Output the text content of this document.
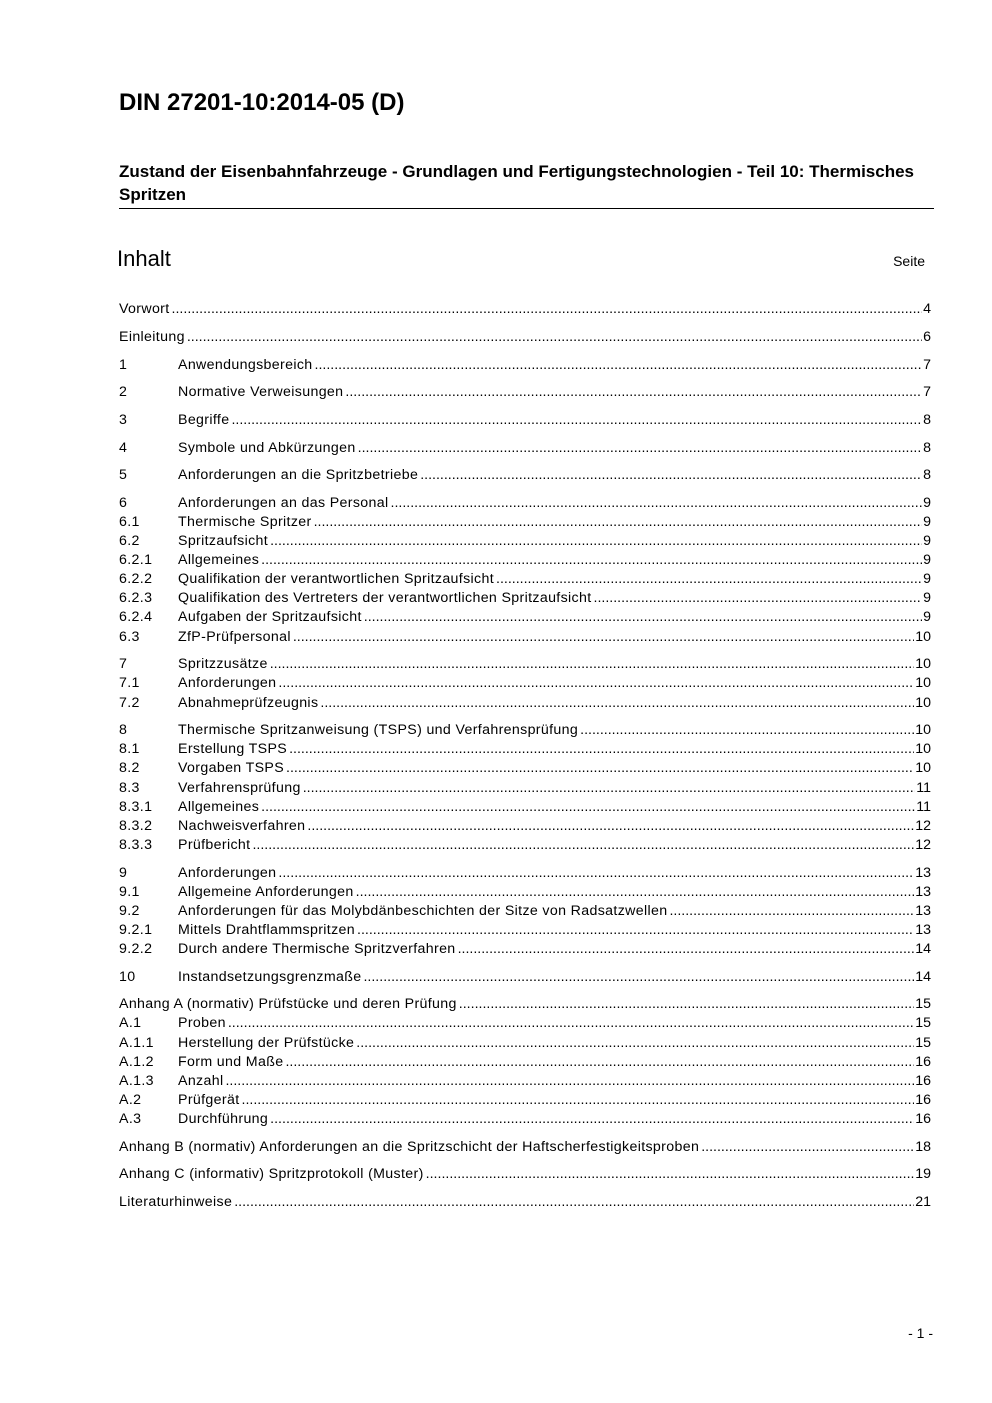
DIN 27201-10:2014-05 (D)
Zustand der Eisenbahnfahrzeuge - Grundlagen und Fertigungstechnologien - Teil 10: Thermisches Spritzen
Inhalt	Seite
Vorwort .....	4
Einleitung .....	6
1	Anwendungsbereich .....	7
2	Normative Verweisungen .....	7
3	Begriffe .....	8
4	Symbole und Abkürzungen .....	8
5	Anforderungen an die Spritzbetriebe .....	8
6	Anforderungen an das Personal .....	9
6.1	Thermische Spritzer .....	9
6.2	Spritzaufsicht .....	9
6.2.1	Allgemeines .....	9
6.2.2	Qualifikation der verantwortlichen Spritzaufsicht .....	9
6.2.3	Qualifikation des Vertreters der verantwortlichen Spritzaufsicht .....	9
6.2.4	Aufgaben der Spritzaufsicht .....	9
6.3	ZfP-Prüfpersonal .....	10
7	Spritzzusätze .....	10
7.1	Anforderungen .....	10
7.2	Abnahmeprüfzeugnis .....	10
8	Thermische Spritzanweisung (TSPS) und Verfahrensprüfung .....	10
8.1	Erstellung TSPS .....	10
8.2	Vorgaben TSPS .....	10
8.3	Verfahrensprüfung .....	11
8.3.1	Allgemeines .....	11
8.3.2	Nachweisverfahren .....	12
8.3.3	Prüfbericht .....	12
9	Anforderungen .....	13
9.1	Allgemeine Anforderungen .....	13
9.2	Anforderungen für das Molybdänbeschichten der Sitze von Radsatzwellen .....	13
9.2.1	Mittels Drahtflammspritzen .....	13
9.2.2	Durch andere Thermische Spritzverfahren .....	14
10	Instandsetzungsgrenzmaße .....	14
Anhang A (normativ) Prüfstücke und deren Prüfung .....	15
A.1	Proben .....	15
A.1.1	Herstellung der Prüfstücke .....	15
A.1.2	Form und Maße .....	16
A.1.3	Anzahl .....	16
A.2	Prüfgerät .....	16
A.3	Durchführung .....	16
Anhang B (normativ) Anforderungen an die Spritzschicht der Haftscherfestigkeitsproben .....	18
Anhang C (informativ) Spritzprotokoll (Muster) .....	19
Literaturhinweise .....	21
- 1 -
